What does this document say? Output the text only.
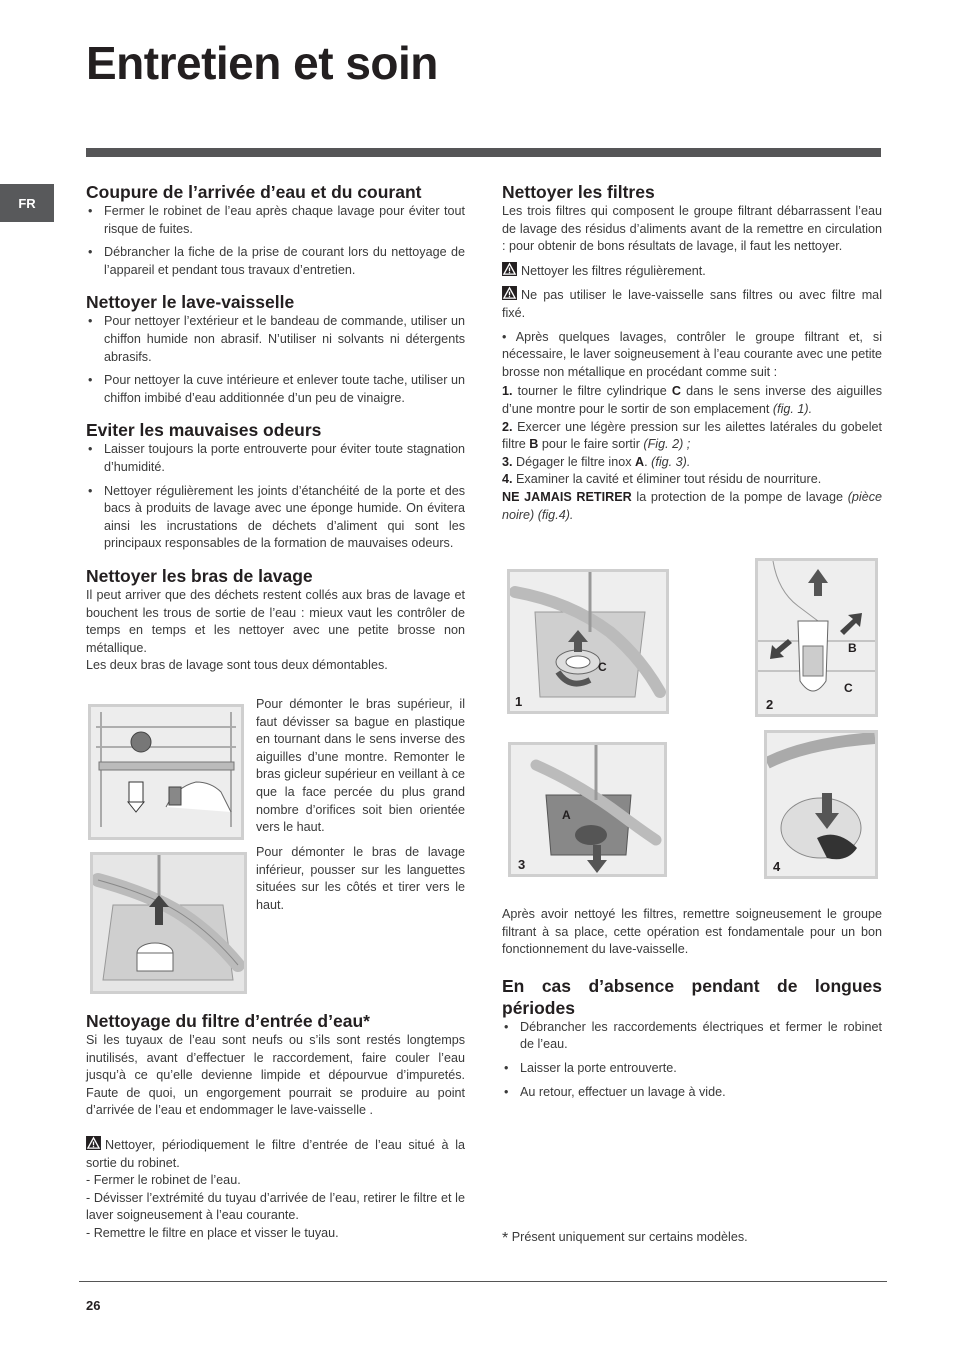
Entretien et soin
FR
Coupure de l’arrivée d’eau et du courant
• Fermer le robinet de l’eau après chaque lavage pour éviter tout risque de fuites.
• Débrancher la fiche de la prise de courant lors du nettoyage de l’appareil et pendant tous travaux d’entretien.
Nettoyer le lave-vaisselle
• Pour nettoyer l’extérieur et le bandeau de commande, utiliser un chiffon humide non abrasif. N’utiliser ni solvants ni détergents abrasifs.
• Pour nettoyer la cuve intérieure et enlever toute tache, utiliser un chiffon imbibé d’eau additionnée d’un peu de vinaigre.
Eviter les mauvaises odeurs
• Laisser toujours la porte entrouverte pour éviter toute stagnation d’humidité.
• Nettoyer régulièrement les joints d’étanchéité de la porte et des bacs à produits de lavage avec une éponge humide. On évitera ainsi les incrustations de déchets d’aliment qui sont les principaux responsables de la formation de mauvaises odeurs.
Nettoyer les bras de lavage

Il peut arriver que des déchets restent collés aux bras de lavage et bouchent les trous de sortie de l’eau : mieux vaut les contrôler de temps en temps et les nettoyer avec une petite brosse non métallique.

Les deux bras de lavage sont tous deux démontables.

Pour démonter le bras supérieur, il faut dévisser sa bague en plastique en tournant dans le sens inverse des aiguilles d’une montre. Remonter le bras gicleur supérieur en veillant à ce que la face percée du plus grand nombre d’orifices soit bien orientée vers le haut.

Pour démonter le bras de lavage inférieur, pousser sur les languettes situées sur les côtés et tirer vers le haut.

Nettoyage du filtre d’entrée d’eau*

Si les tuyaux de l’eau sont neufs ou s’ils sont restés longtemps inutilisés, avant d’effectuer le raccordement, faire couler l’eau jusqu’à ce qu’elle devienne limpide et dépourvue d’impuretés. Faute de quoi, un engorgement pourrait se produire au point d’arrivée de l’eau et endommager le lave-vaisselle .

Nettoyer, périodiquement le filtre d’entrée de l’eau situé à la sortie du robinet.

- Fermer le robinet de l’eau.

- Dévisser l’extrémité du tuyau d’arrivée de l’eau, retirer le filtre et le laver soigneusement à l’eau courante.

- Remettre le filtre en place et visser le tuyau.

Nettoyer les filtres

Les trois filtres qui composent le groupe filtrant débarrassent l’eau de lavage des résidus d’aliments avant de la remettre en circulation : pour obtenir de bons résultats de lavage, il faut les nettoyer.

Nettoyer les filtres régulièrement.

Ne pas utiliser le lave-vaisselle sans filtres ou avec filtre mal fixé.

• Après quelques lavages, contrôler le groupe filtrant et, si nécessaire, le laver soigneusement à l’eau courante avec une petite brosse non métallique en procédant comme suit :

1. tourner le filtre cylindrique C dans le sens inverse des aiguilles d’une montre pour le sortir de son emplacement (fig. 1).

2. Exercer une légère pression sur les ailettes latérales du gobelet filtre B pour le faire sortir (Fig. 2) ;

3. Dégager le filtre inox A. (fig. 3).

4. Examiner la cavité et éliminer tout résidu de nourriture.

NE JAMAIS RETIRER la protection de la pompe de lavage (pièce noire) (fig.4).

1
C
2
B
C
3
A
4

Après avoir nettoyé les filtres, remettre soigneusement le groupe filtrant à sa place, cette opération est fondamentale pour un bon fonctionnement du lave-vaisselle.

En cas d’absence pendant de longues périodes
• Débrancher les raccordements électriques et fermer le robinet de l’eau.
• Laisser la porte entrouverte.
• Au retour, effectuer un lavage à vide.

* Présent uniquement sur certains modèles.

26
